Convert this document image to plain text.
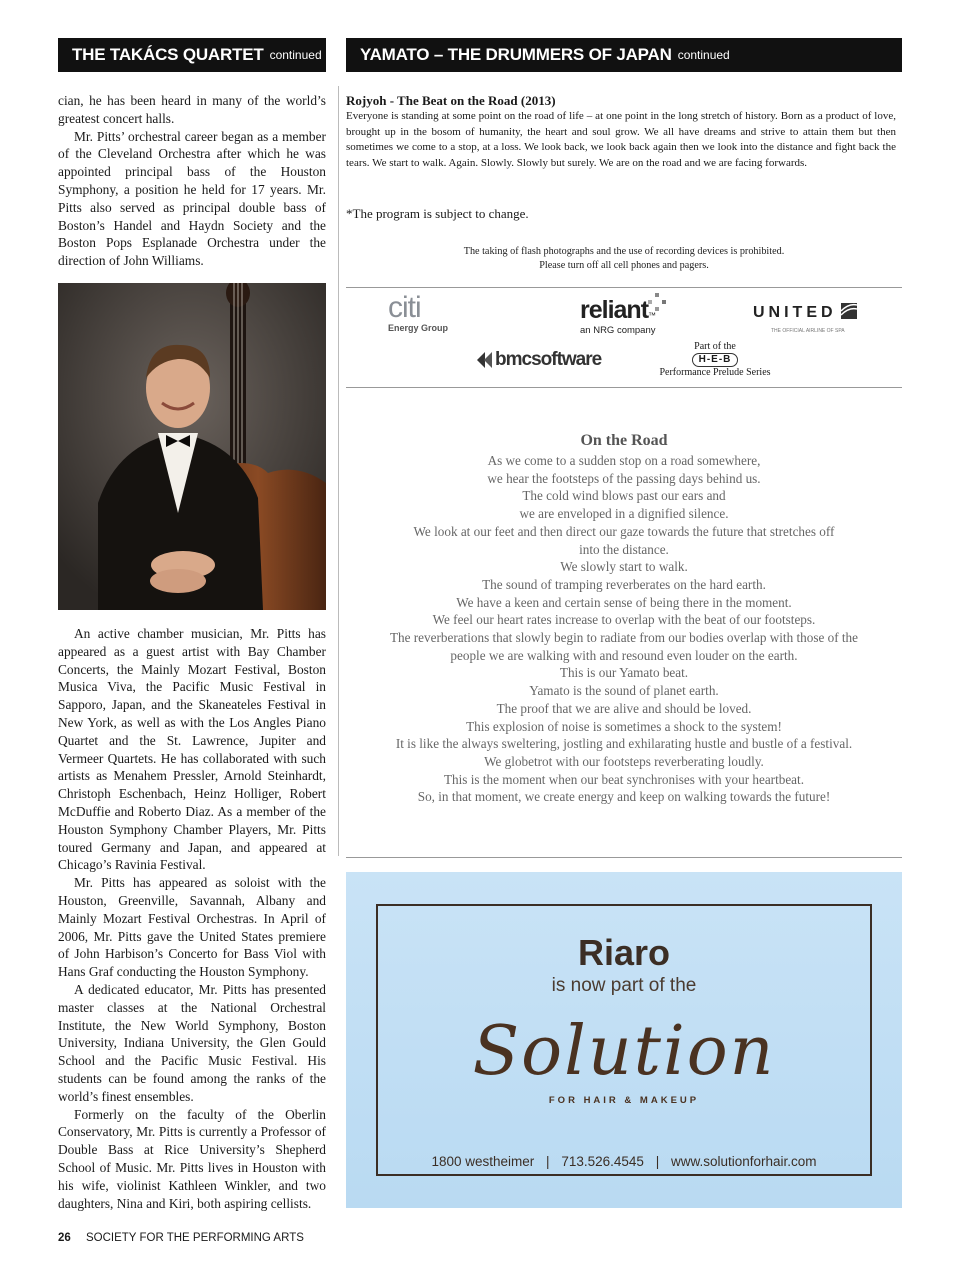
THE TAKÁCS QUARTET continued YAMATO – THE DRUMMERS OF JAPAN continued

cian, he has been heard in many of the world’s greatest concert halls.

Mr. Pitts’ orchestral career began as a member of the Cleveland Orchestra after which he was appointed principal bass of the Houston Symphony, a position he held for 17 years. Mr. Pitts also served as principal double bass of Boston’s Handel and Haydn Society and the Boston Pops Esplanade Orchestra under the direction of John Williams.

An active chamber musician, Mr. Pitts has appeared as a guest artist with Bay Chamber Concerts, the Mainly Mozart Festival, Boston Musica Viva, the Pacific Music Festival in Sapporo, Japan, and the Skaneateles Festival in New York, as well as with the Los Angles Piano Quartet and the St. Lawrence, Jupiter and Vermeer Quartets. He has collaborated with such artists as Menahem Pressler, Arnold Steinhardt, Christoph Eschenbach, Heinz Holliger, Robert McDuffie and Roberto Diaz. As a member of the Houston Symphony Chamber Players, Mr. Pitts toured Germany and Japan, and appeared at Chicago’s Ravinia Festival.

Mr. Pitts has appeared as soloist with the Houston, Greenville, Savannah, Albany and Mainly Mozart Festival Orchestras. In April of 2006, Mr. Pitts gave the United States premiere of John Harbison’s Concerto for Bass Viol with Hans Graf conducting the Houston Symphony.

A dedicated educator, Mr. Pitts has presented master classes at the National Orchestral Institute, the New World Symphony, Boston University, Indiana University, the Glen Gould School and the Pacific Music Festival. His students can be found among the ranks of the world’s finest ensembles.

Formerly on the faculty of the Oberlin Conservatory, Mr. Pitts is currently a Professor of Double Bass at Rice University’s Shepherd School of Music. Mr. Pitts lives in Houston with his wife, violinist Kathleen Winkler, and two daughters, Nina and Kiri, both aspiring cellists.

Rojyoh - The Beat on the Road (2013)
Everyone is standing at some point on the road of life – at one point in the long stretch of history. Born as a product of love, brought up in the bosom of humanity, the heart and soul grow. We all have dreams and strive to attain them but then sometimes we come to a stop, at a loss. We look back, we look back again then we look into the distance and fight back the tears. We start to walk. Again. Slowly. Slowly but surely. We are on the road and we are facing forwards.
*The program is subject to change.
The taking of flash photographs and the use of recording devices is prohibited.
Please turn off all cell phones and pagers.
citi
Energy Group
reliant™
an NRG company
UNITED
THE OFFICIAL AIRLINE OF SPA
bmcsoftware
Part of the
H-E-B
Performance Prelude Series
On the Road
As we come to a sudden stop on a road somewhere,
we hear the footsteps of the passing days behind us.
The cold wind blows past our ears and
we are enveloped in a dignified silence.
We look at our feet and then direct our gaze towards the future that stretches off
into the distance.
We slowly start to walk.
The sound of tramping reverberates on the hard earth.
We have a keen and certain sense of being there in the moment.
We feel our heart rates increase to overlap with the beat of our footsteps.
The reverberations that slowly begin to radiate from our bodies overlap with those of the
people we are walking with and resound even louder on the earth.
This is our Yamato beat.
Yamato is the sound of planet earth.
The proof that we are alive and should be loved.
This explosion of noise is sometimes a shock to the system!
It is like the always sweltering, jostling and exhilarating hustle and bustle of a festival.
We globetrot with our footsteps reverberating loudly.
This is the moment when our beat synchronises with your heartbeat.
So, in that moment, we create energy and keep on walking towards the future!
Riaro
is now part of the
Solution
FOR HAIR & MAKEUP
1800 westheimer | 713.526.4545 | www.solutionforhair.com
26 SOCIETY FOR THE PERFORMING ARTS
